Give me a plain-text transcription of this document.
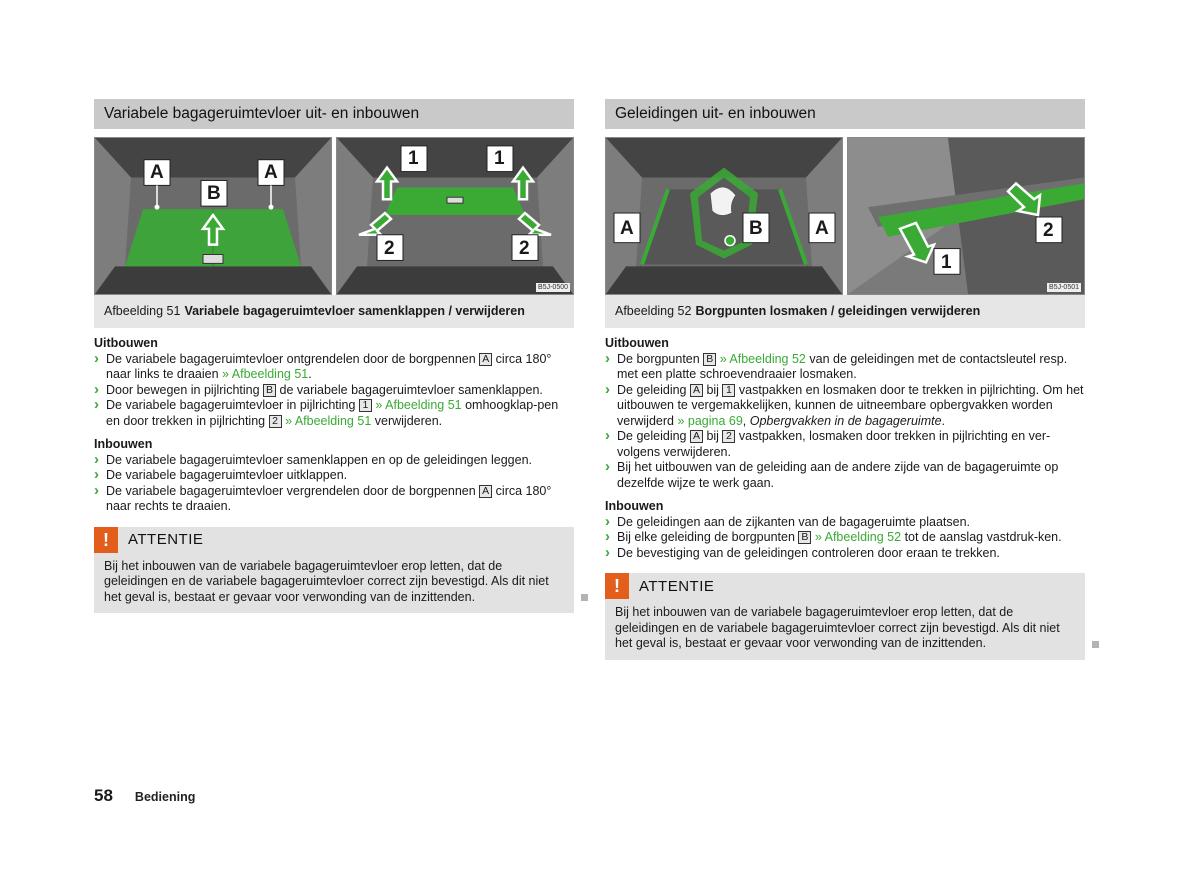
Variabele bagageruimtevloer uit- en inbouwen
A	A
B
1	1
2	2
B5J-0500
Afbeelding 51 Variabele bagageruimtevloer samenklappen / verwijderen
Uitbouwen
› De variabele bagageruimtevloer ontgrendelen door de borgpennen A circa 180° naar links te draaien » Afbeelding 51.
› Door bewegen in pijlrichting B de variabele bagageruimtevloer samenklappen.
› De variabele bagageruimtevloer in pijlrichting 1 » Afbeelding 51 omhoogklap-pen en door trekken in pijlrichting 2 » Afbeelding 51 verwijderen.
Inbouwen
› De variabele bagageruimtevloer samenklappen en op de geleidingen leggen.
› De variabele bagageruimtevloer uitklappen.
› De variabele bagageruimtevloer vergrendelen door de borgpennen A circa 180° naar rechts te draaien.
!	ATTENTIE
Bij het inbouwen van de variabele bagageruimtevloer erop letten, dat de geleidingen en de variabele bagageruimtevloer correct zijn bevestigd. Als dit niet het geval is, bestaat er gevaar voor verwonding van de inzittenden.
Geleidingen uit- en inbouwen
A	B	A
1
2
B5J-0501
Afbeelding 52 Borgpunten losmaken / geleidingen verwijderen
Uitbouwen
› De borgpunten B » Afbeelding 52 van de geleidingen met de contactsleutel resp. met een platte schroevendraaier losmaken.
› De geleiding A bij 1 vastpakken en losmaken door te trekken in pijlrichting. Om het uitbouwen te vergemakkelijken, kunnen de uitneembare opbergvakken worden verwijderd » pagina 69, Opbergvakken in de bagageruimte.
› De geleiding A bij 2 vastpakken, losmaken door trekken in pijlrichting en ver-volgens verwijderen.
› Bij het uitbouwen van de geleiding aan de andere zijde van de bagageruimte op dezelfde wijze te werk gaan.
Inbouwen
› De geleidingen aan de zijkanten van de bagageruimte plaatsen.
› Bij elke geleiding de borgpunten B » Afbeelding 52 tot de aanslag vastdruk-ken.
› De bevestiging van de geleidingen controleren door eraan te trekken.
!	ATTENTIE
Bij het inbouwen van de variabele bagageruimtevloer erop letten, dat de geleidingen en de variabele bagageruimtevloer correct zijn bevestigd. Als dit niet het geval is, bestaat er gevaar voor verwonding van de inzittenden.
58 Bediening
